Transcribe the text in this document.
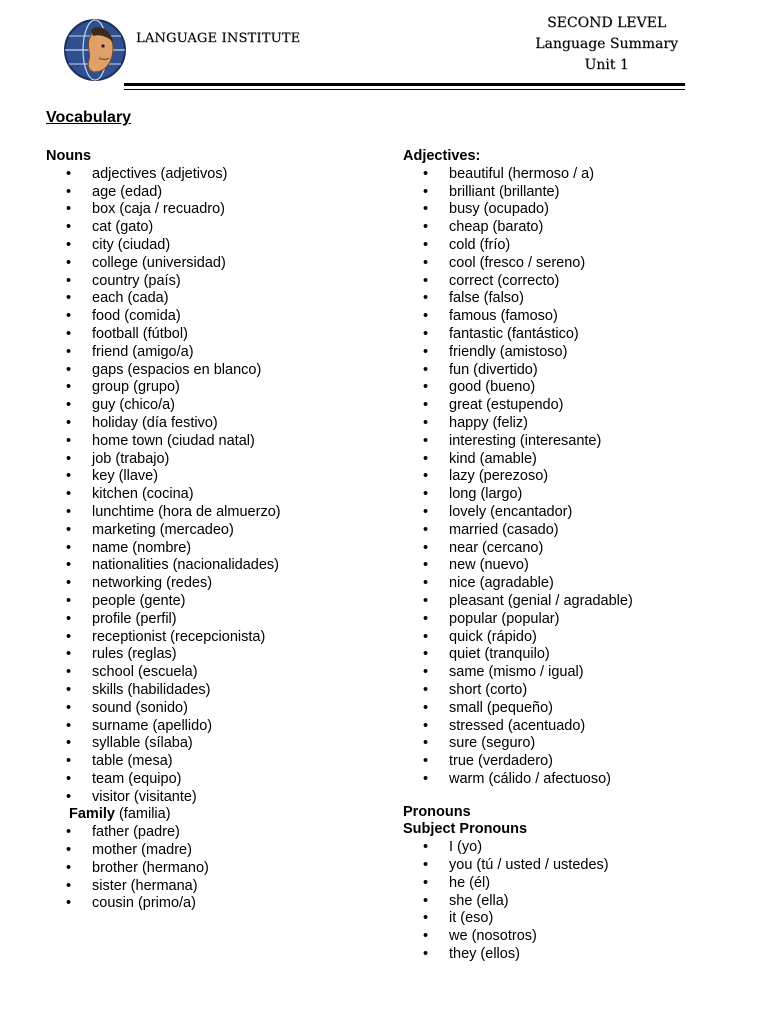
LANGUAGE INSTITUTE
SECOND LEVEL
Language Summary
Unit 1
Vocabulary
Nouns
• adjectives (adjetivos)
• age (edad)
• box (caja / recuadro)
• cat (gato)
• city (ciudad)
• college (universidad)
• country (país)
• each (cada)
• food (comida)
• football (fútbol)
• friend (amigo/a)
• gaps (espacios en blanco)
• group (grupo)
• guy (chico/a)
• holiday (día festivo)
• home town (ciudad natal)
• job (trabajo)
• key (llave)
• kitchen (cocina)
• lunchtime (hora de almuerzo)
• marketing (mercadeo)
• name (nombre)
• nationalities (nacionalidades)
• networking (redes)
• people (gente)
• profile (perfil)
• receptionist (recepcionista)
• rules (reglas)
• school (escuela)
• skills (habilidades)
• sound (sonido)
• surname (apellido)
• syllable (sílaba)
• table (mesa)
• team (equipo)
• visitor (visitante)
Family (familia)
• father (padre)
• mother (madre)
• brother (hermano)
• sister (hermana)
• cousin (primo/a)
Adjectives:
• beautiful (hermoso / a)
• brilliant (brillante)
• busy (ocupado)
• cheap (barato)
• cold (frío)
• cool (fresco / sereno)
• correct (correcto)
• false (falso)
• famous (famoso)
• fantastic (fantástico)
• friendly (amistoso)
• fun (divertido)
• good (bueno)
• great (estupendo)
• happy (feliz)
• interesting (interesante)
• kind (amable)
• lazy (perezoso)
• long (largo)
• lovely (encantador)
• married (casado)
• near (cercano)
• new (nuevo)
• nice (agradable)
• pleasant (genial / agradable)
• popular (popular)
• quick (rápido)
• quiet (tranquilo)
• same (mismo / igual)
• short (corto)
• small (pequeño)
• stressed (acentuado)
• sure (seguro)
• true (verdadero)
• warm (cálido / afectuoso)
Pronouns
Subject Pronouns
• I (yo)
• you (tú / usted / ustedes)
• he (él)
• she (ella)
• it (eso)
• we (nosotros)
• they (ellos)
